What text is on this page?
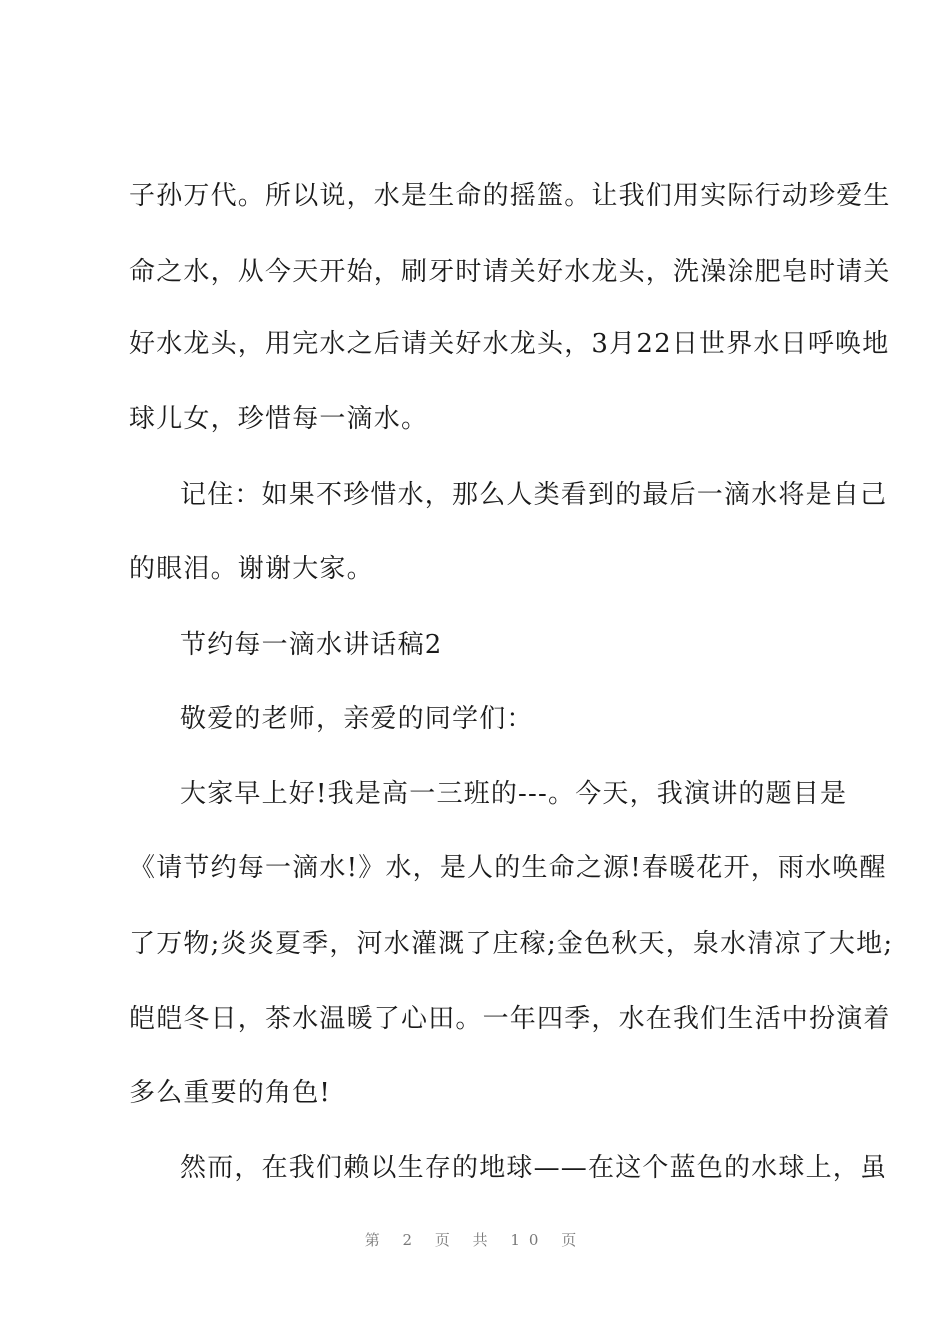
子孙万代。所以说，水是生命的摇篮。让我们用实际行动珍爱生
命之水，从今天开始，刷牙时请关好水龙头，洗澡涂肥皂时请关
好水龙头，用完水之后请关好水龙头，3月22日世界水日呼唤地
球儿女，珍惜每一滴水。
记住：如果不珍惜水，那么人类看到的最后一滴水将是自己
的眼泪。谢谢大家。
节约每一滴水讲话稿2
敬爱的老师，亲爱的同学们：
大家早上好!我是高一三班的---。今天，我演讲的题目是
《请节约每一滴水!》水，是人的生命之源!春暖花开，雨水唤醒
了万物;炎炎夏季，河水灌溉了庄稼;金色秋天，泉水清凉了大地;
皑皑冬日，茶水温暖了心田。一年四季，水在我们生活中扮演着
多么重要的角色!
然而，在我们赖以生存的地球——在这个蓝色的水球上，虽
第 2 页 共 10 页
